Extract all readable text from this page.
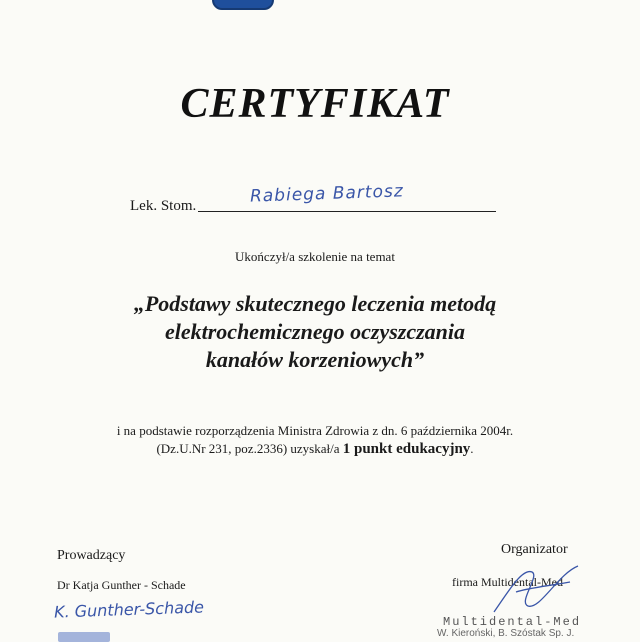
CERTYFIKAT
Lek. Stom.	Rabiega Bartosz
Ukończył/a szkolenie na temat
„Podstawy skutecznego leczenia metodą
elektrochemicznego oczyszczania
kanałów korzeniowych”
i na podstawie rozporządzenia Ministra Zdrowia z dn. 6 października 2004r.
(Dz.U.Nr 231, poz.2336) uzyskał/a 1 punkt edukacyjny.
Prowadzący
Dr Katja Gunther - Schade
K. Gunther-Schade
Organizator
firma Multidental-Med
Multidental-Med
W. Kieroński, B. Szóstak Sp. J.
